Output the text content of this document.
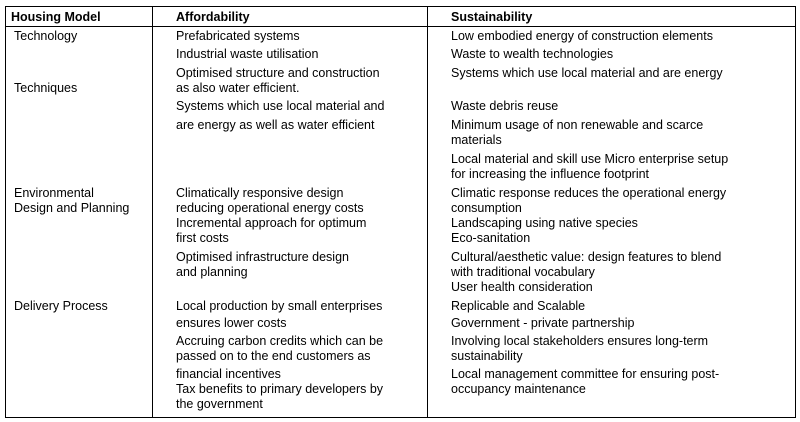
Housing Model	Affordability	Sustainability
Technology
Techniques
Environmental
Design and Planning
Delivery Process
Prefabricated systems
Industrial waste utilisation
Optimised structure and construction
as also water efficient.
Systems which use local material and
are energy as well as water efficient
Climatically responsive design
reducing operational energy costs
Incremental approach for optimum
first costs
Optimised infrastructure design
and planning
Local production by small enterprises
ensures lower costs
Accruing carbon credits which can be
passed on to the end customers as
financial incentives
Tax benefits to primary developers by
the government
Low embodied energy of construction elements
Waste to wealth technologies
Systems which use local material and are energy
Waste debris reuse
Minimum usage of non renewable and scarce
materials
Local material and skill use Micro enterprise setup
for increasing the influence footprint
Climatic response reduces the operational energy
consumption
Landscaping using native species
Eco-sanitation
Cultural/aesthetic value: design features to blend
with traditional vocabulary
User health consideration
Replicable and Scalable
Government - private partnership
Involving local stakeholders ensures long-term
sustainability
Local management committee for ensuring post-
occupancy maintenance
